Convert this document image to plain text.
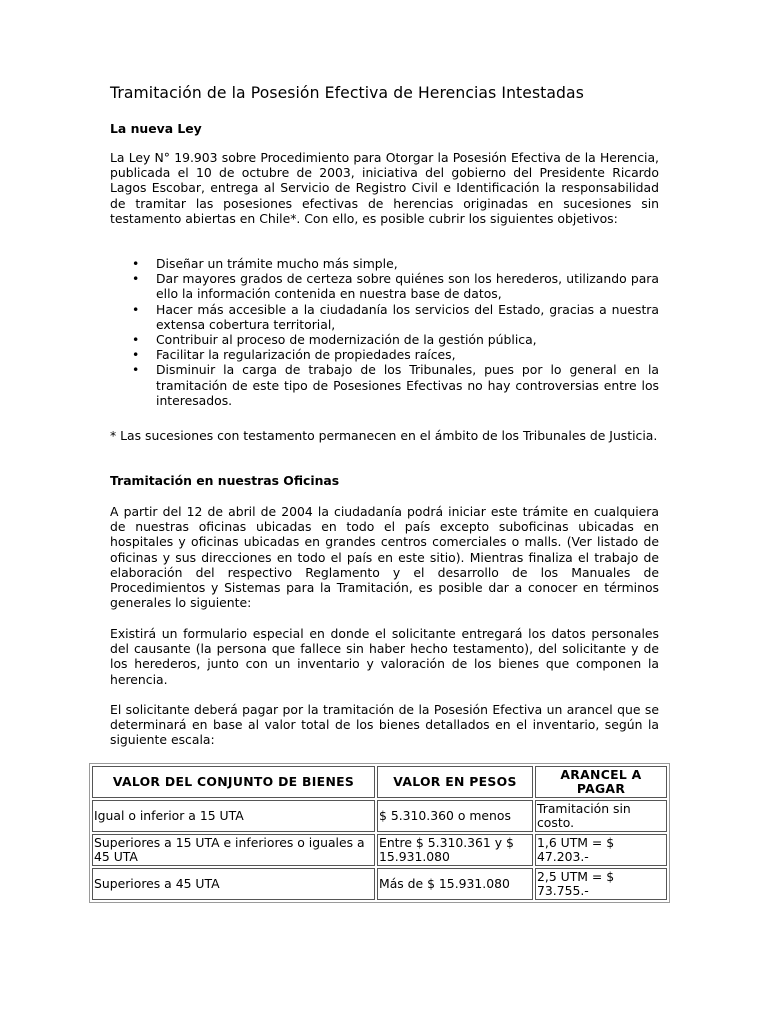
Tramitación de la Posesión Efectiva de Herencias Intestadas
La nueva Ley

La Ley N° 19.903 sobre Procedimiento para Otorgar la Posesión Efectiva de la Herencia, publicada el 10 de octubre de 2003, iniciativa del gobierno del Presidente Ricardo Lagos Escobar, entrega al Servicio de Registro Civil e Identificación la responsabilidad de tramitar las posesiones efectivas de herencias originadas en sucesiones sin testamento abiertas en Chile*. Con ello, es posible cubrir los siguientes objetivos:

• Diseñar un trámite mucho más simple,
• Dar mayores grados de certeza sobre quiénes son los herederos, utilizando para ello la información contenida en nuestra base de datos,
• Hacer más accesible a la ciudadanía los servicios del Estado, gracias a nuestra extensa cobertura territorial,
• Contribuir al proceso de modernización de la gestión pública,
• Facilitar la regularización de propiedades raíces,
• Disminuir la carga de trabajo de los Tribunales, pues por lo general en la tramitación de este tipo de Posesiones Efectivas no hay controversias entre los interesados.

* Las sucesiones con testamento permanecen en el ámbito de los Tribunales de Justicia.

Tramitación en nuestras Oficinas

A partir del 12 de abril de 2004 la ciudadanía podrá iniciar este trámite en cualquiera de nuestras oficinas ubicadas en todo el país excepto suboficinas ubicadas en hospitales y oficinas ubicadas en grandes centros comerciales o malls. (Ver listado de oficinas y sus direcciones en todo el país en este sitio). Mientras finaliza el trabajo de elaboración del respectivo Reglamento y el desarrollo de los Manuales de Procedimientos y Sistemas para la Tramitación, es posible dar a conocer en términos generales lo siguiente:

Existirá un formulario especial en donde el solicitante entregará los datos personales del causante (la persona que fallece sin haber hecho testamento), del solicitante y de los herederos, junto con un inventario y valoración de los bienes que componen la herencia.

El solicitante deberá pagar por la tramitación de la Posesión Efectiva un arancel que se determinará en base al valor total de los bienes detallados en el inventario, según la siguiente escala:

VALOR DEL CONJUNTO DE BIENES	VALOR EN PESOS	ARANCEL A PAGAR
Igual o inferior a 15 UTA	$ 5.310.360 o menos	Tramitación sin costo.
Superiores a 15 UTA e inferiores o iguales a 45 UTA	Entre $ 5.310.361 y $ 15.931.080	1,6 UTM = $ 47.203.-
Superiores a 45 UTA	Más de $ 15.931.080	2,5 UTM = $ 73.755.-
